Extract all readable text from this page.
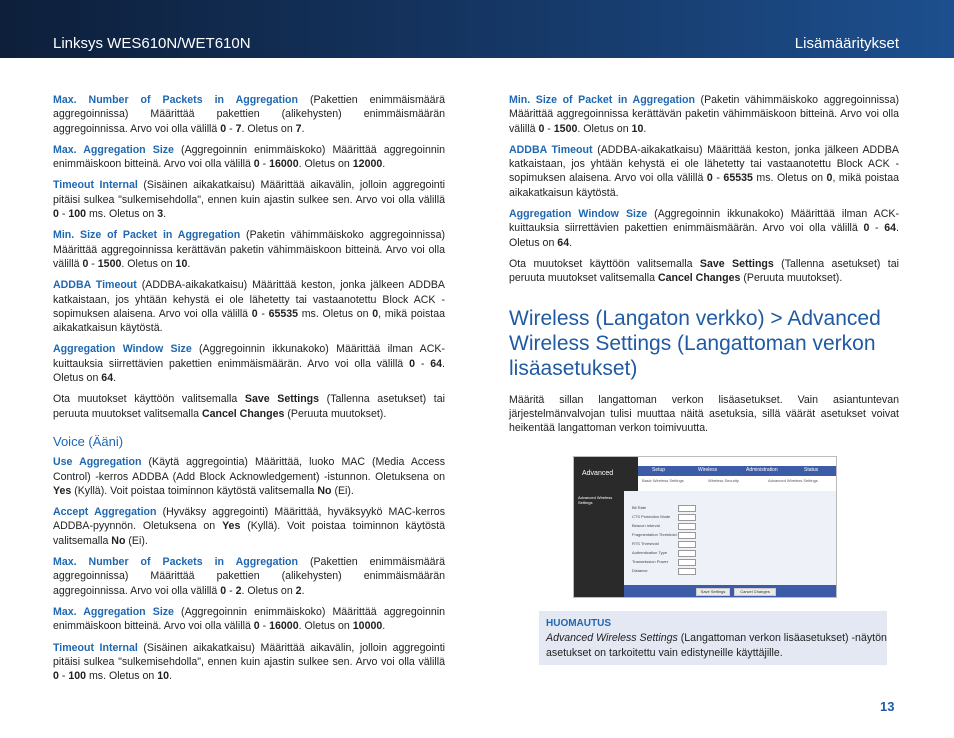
Linksys WES610N/WET610N	Lisämääritykset

Max. Number of Packets in Aggregation (Pakettien enimmäismäärä aggregoinnissa) Määrittää pakettien (alikehysten) enimmäismäärän aggregoinnissa. Arvo voi olla välillä 0 - 7. Oletus on 7.

Max. Aggregation Size (Aggregoinnin enimmäiskoko) Määrittää aggregoinnin enimmäiskoon bitteinä. Arvo voi olla välillä 0 - 16000. Oletus on 12000.

Timeout Internal (Sisäinen aikakatkaisu) Määrittää aikavälin, jolloin aggregointi pitäisi sulkea "sulkemisehdolla", ennen kuin ajastin sulkee sen. Arvo voi olla välillä 0 - 100 ms. Oletus on 3.

Min. Size of Packet in Aggregation (Paketin vähimmäiskoko aggregoinnissa) Määrittää aggregoinnissa kerättävän paketin vähimmäiskoon bitteinä. Arvo voi olla välillä 0 - 1500. Oletus on 10.

ADDBA Timeout (ADDBA-aikakatkaisu) Määrittää keston, jonka jälkeen ADDBA katkaistaan, jos yhtään kehystä ei ole lähetetty tai vastaanotettu Block ACK -sopimuksen alaisena. Arvo voi olla välillä 0 - 65535 ms. Oletus on 0, mikä poistaa aikakatkaisun käytöstä.

Aggregation Window Size (Aggregoinnin ikkunakoko) Määrittää ilman ACK-kuittauksia siirrettävien pakettien enimmäismäärän. Arvo voi olla välillä 0 - 64. Oletus on 64.

Ota muutokset käyttöön valitsemalla Save Settings (Tallenna asetukset) tai peruuta muutokset valitsemalla Cancel Changes (Peruuta muutokset).

Voice (Ääni)

Use Aggregation (Käytä aggregointia) Määrittää, luoko MAC (Media Access Control) -kerros ADDBA (Add Block Acknowledgement) -istunnon. Oletuksena on Yes (Kyllä). Voit poistaa toiminnon käytöstä valitsemalla No (Ei).

Accept Aggregation (Hyväksy aggregointi) Määrittää, hyväksyykö MAC-kerros ADDBA-pyynnön. Oletuksena on Yes (Kyllä). Voit poistaa toiminnon käytöstä valitsemalla No (Ei).

Max. Number of Packets in Aggregation (Pakettien enimmäismäärä aggregoinnissa) Määrittää pakettien (alikehysten) enimmäismäärän aggregoinnissa. Arvo voi olla välillä 0 - 2. Oletus on 2.

Max. Aggregation Size (Aggregoinnin enimmäiskoko) Määrittää aggregoinnin enimmäiskoon bitteinä. Arvo voi olla välillä 0 - 16000. Oletus on 10000.

Timeout Internal (Sisäinen aikakatkaisu) Määrittää aikavälin, jolloin aggregointi pitäisi sulkea "sulkemisehdolla", ennen kuin ajastin sulkee sen. Arvo voi olla välillä 0 - 100 ms. Oletus on 10.

Min. Size of Packet in Aggregation (Paketin vähimmäiskoko aggregoinnissa) Määrittää aggregoinnissa kerättävän paketin vähimmäiskoon bitteinä. Arvo voi olla välillä 0 - 1500. Oletus on 10.

ADDBA Timeout (ADDBA-aikakatkaisu) Määrittää keston, jonka jälkeen ADDBA katkaistaan, jos yhtään kehystä ei ole lähetetty tai vastaanotettu Block ACK -sopimuksen alaisena. Arvo voi olla välillä 0 - 65535 ms. Oletus on 0, mikä poistaa aikakatkaisun käytöstä.

Aggregation Window Size (Aggregoinnin ikkunakoko) Määrittää ilman ACK-kuittauksia siirrettävien pakettien enimmäismäärän. Arvo voi olla välillä 0 - 64. Oletus on 64.

Ota muutokset käyttöön valitsemalla Save Settings (Tallenna asetukset) tai peruuta muutokset valitsemalla Cancel Changes (Peruuta muutokset).

Wireless (Langaton verkko) > Advanced Wireless Settings (Langattoman verkon lisäasetukset)

Määritä sillan langattoman verkon lisäasetukset. Vain asiantuntevan järjestelmänvalvojan tulisi muuttaa näitä asetuksia, sillä väärät asetukset voivat heikentää langattoman verkon toimivuutta.

Advanced	Setup	Wireless	Administration	Status
Basic Wireless Settings	Wireless Security	Advanced Wireless Settings
Advanced Wireless Settings
Bit Rate
CTS Protection Mode
Beacon Interval
Fragmentation Threshold
RTS Threshold
Authentication Type
Transmission Power
Distance
Save Settings	Cancel Changes
HUOMAUTUS
Advanced Wireless Settings (Langattoman verkon lisäasetukset) -näytön asetukset on tarkoitettu vain edistyneille käyttäjille.
13
